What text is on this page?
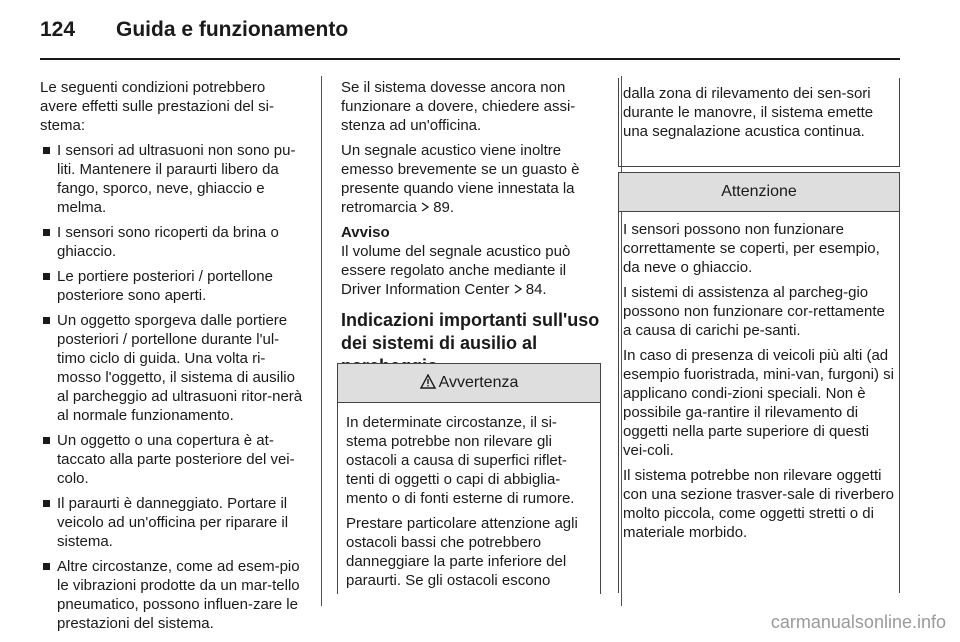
124 Guida e funzionamento

Le seguenti condizioni potrebbero avere effetti sulle prestazioni del si-stema:

I sensori ad ultrasuoni non sono pu-liti. Mantenere il paraurti libero da fango, sporco, neve, ghiaccio e melma.
I sensori sono ricoperti da brina o ghiaccio.
Le portiere posteriori / portellone posteriore sono aperti.
Un oggetto sporgeva dalle portiere posteriori / portellone durante l'ul-timo ciclo di guida. Una volta ri-mosso l'oggetto, il sistema di ausilio al parcheggio ad ultrasuoni ritor-nerà al normale funzionamento.
Un oggetto o una copertura è at-taccato alla parte posteriore del vei-colo.
Il paraurti è danneggiato. Portare il veicolo ad un'officina per riparare il sistema.
Altre circostanze, come ad esem-pio le vibrazioni prodotte da un mar-tello pneumatico, possono influen-zare le prestazioni del sistema.

Se il sistema dovesse ancora non funzionare a dovere, chiedere assi-stenza ad un'officina.

Un segnale acustico viene inoltre emesso brevemente se un guasto è presente quando viene innestata la retromarcia 89.

Avviso
Il volume del segnale acustico può essere regolato anche mediante il Driver Information Center 84.
Indicazioni importanti sull'uso dei sistemi di ausilio al
Avvertenza

In determinate circostanze, il si-stema potrebbe non rilevare gli ostacoli a causa di superfici riflet-tenti di oggetti o capi di abbiglia-mento o di fonti esterne di rumore.

Prestare particolare attenzione agli ostacoli bassi che potrebbero danneggiare la parte inferiore del paraurti. Se gli ostacoli escono

dalla zona di rilevamento dei sen-sori durante le manovre, il sistema emette una segnalazione acustica continua.

Attenzione

I sensori possono non funzionare correttamente se coperti, per esempio, da neve o ghiaccio.

I sistemi di assistenza al parcheg-gio possono non funzionare cor-rettamente a causa di carichi pe-santi.

In caso di presenza di veicoli più alti (ad esempio fuoristrada, mini-van, furgoni) si applicano condi-zioni speciali. Non è possibile ga-rantire il rilevamento di oggetti nella parte superiore di questi vei-coli.

Il sistema potrebbe non rilevare oggetti con una sezione trasver-sale di riverbero molto piccola, come oggetti stretti o di materiale morbido.

carmanualsonline.info
